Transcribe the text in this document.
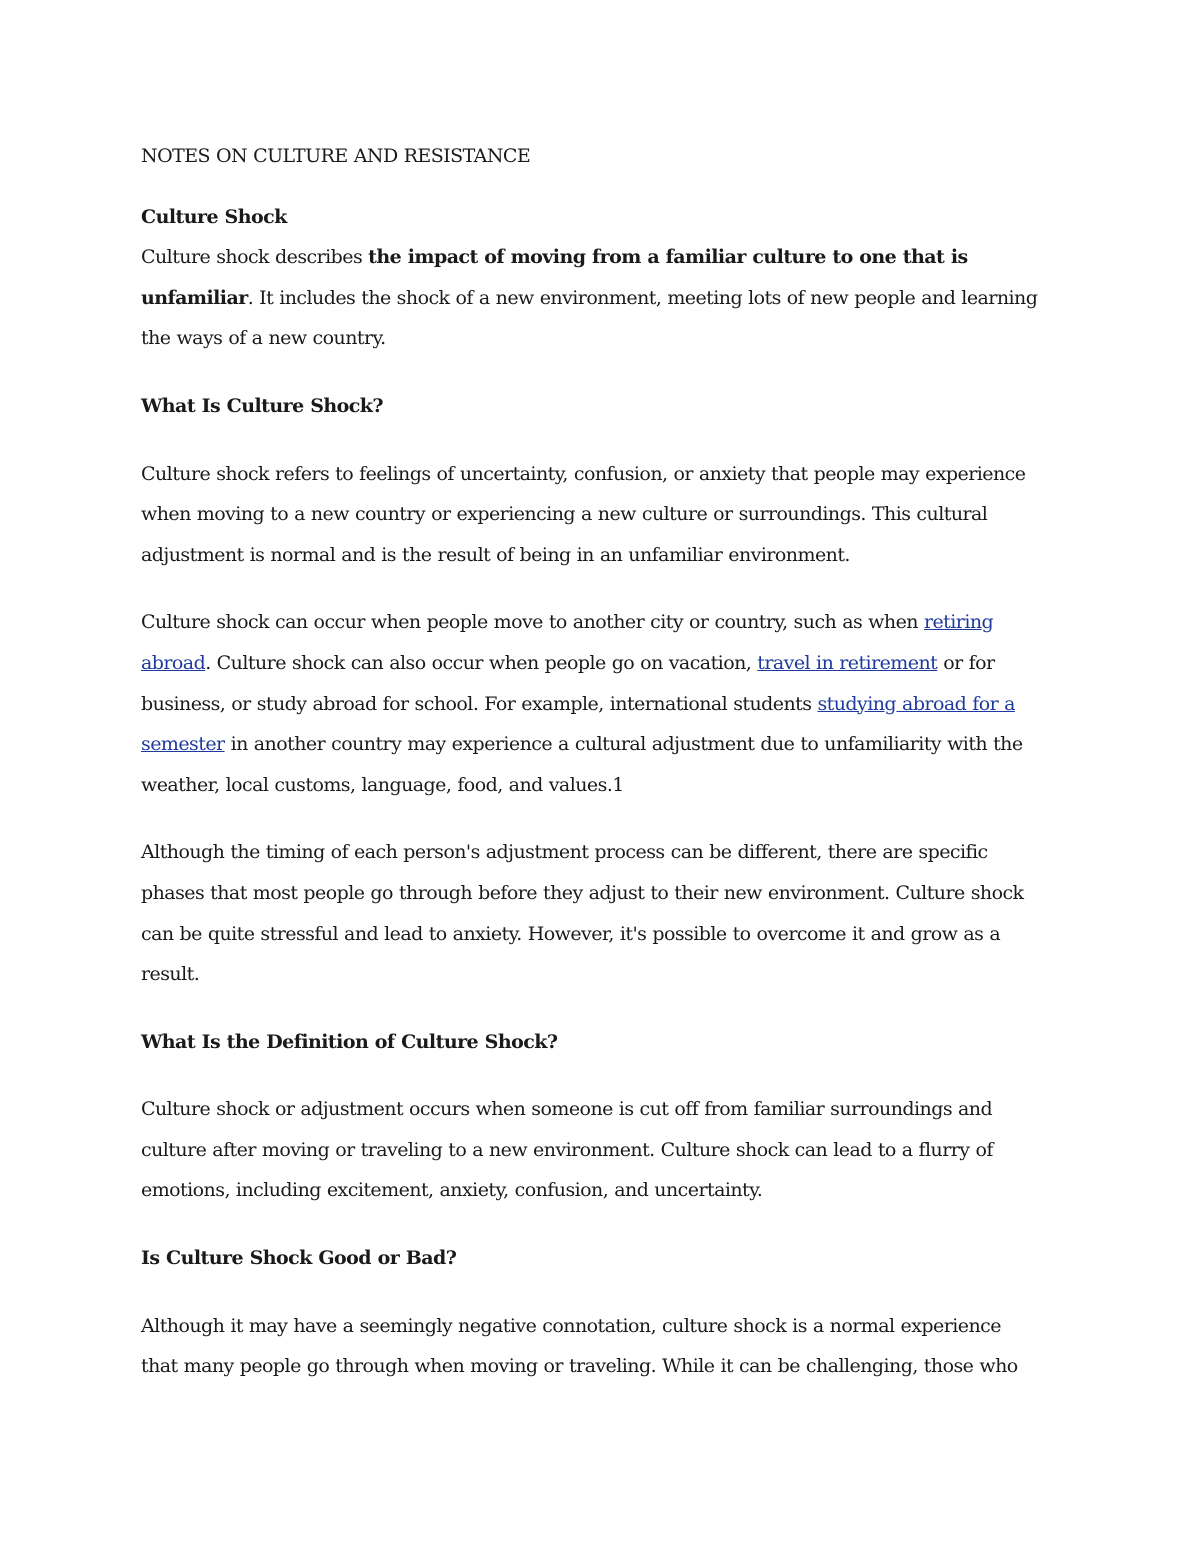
NOTES ON CULTURE AND RESISTANCE

Culture Shock

Culture shock describes the impact of moving from a familiar culture to one that is

unfamiliar. It includes the shock of a new environment, meeting lots of new people and learning

the ways of a new country.

What Is Culture Shock?

Culture shock refers to feelings of uncertainty, confusion, or anxiety that people may experience

when moving to a new country or experiencing a new culture or surroundings. This cultural

adjustment is normal and is the result of being in an unfamiliar environment.

Culture shock can occur when people move to another city or country, such as when retiring

abroad. Culture shock can also occur when people go on vacation, travel in retirement or for

business, or study abroad for school. For example, international students studying abroad for a

semester in another country may experience a cultural adjustment due to unfamiliarity with the

weather, local customs, language, food, and values.1

Although the timing of each person's adjustment process can be different, there are specific

phases that most people go through before they adjust to their new environment. Culture shock

can be quite stressful and lead to anxiety. However, it's possible to overcome it and grow as a

result.

What Is the Definition of Culture Shock?

Culture shock or adjustment occurs when someone is cut off from familiar surroundings and

culture after moving or traveling to a new environment. Culture shock can lead to a flurry of

emotions, including excitement, anxiety, confusion, and uncertainty.

Is Culture Shock Good or Bad?

Although it may have a seemingly negative connotation, culture shock is a normal experience

that many people go through when moving or traveling. While it can be challenging, those who
